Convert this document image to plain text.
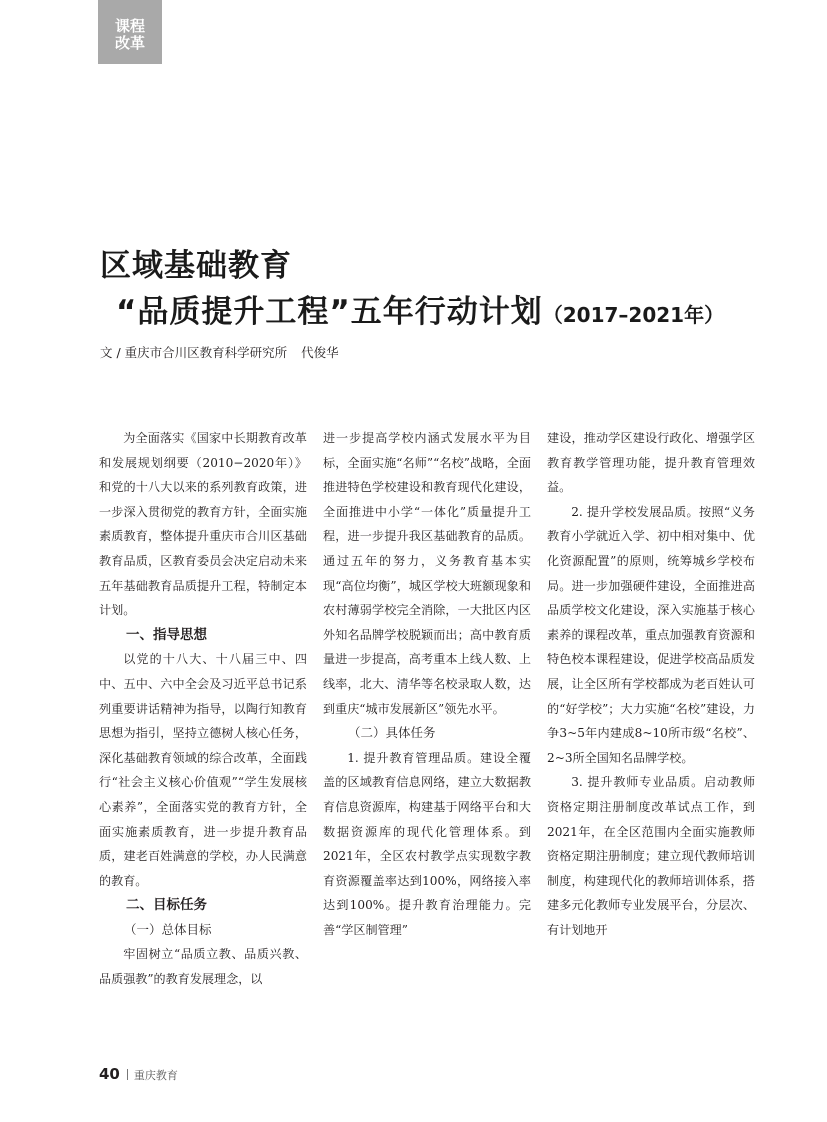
课程
改革
区域基础教育
“品质提升工程”五年行动计划（2017–2021年）
文 / 重庆市合川区教育科学研究所 代俊华

为全面落实《国家中长期教育改革和发展规划纲要（2010−2020年）》和党的十八大以来的系列教育政策，进一步深入贯彻党的教育方针，全面实施素质教育，整体提升重庆市合川区基础教育品质，区教育委员会决定启动未来五年基础教育品质提升工程，特制定本计划。

一、指导思想

以党的十八大、十八届三中、四中、五中、六中全会及习近平总书记系列重要讲话精神为指导，以陶行知教育思想为指引，坚持立德树人核心任务，深化基础教育领域的综合改革，全面践行“社会主义核心价值观”“学生发展核心素养”，全面落实党的教育方针，全面实施素质教育，进一步提升教育品质，建老百姓满意的学校，办人民满意的教育。

二、目标任务
（一）总体目标

牢固树立“品质立教、品质兴教、品质强教”的教育发展理念，以

进一步提高学校内涵式发展水平为目标，全面实施“名师”“名校”战略，全面推进特色学校建设和教育现代化建设，全面推进中小学“一体化”质量提升工程，进一步提升我区基础教育的品质。通过五年的努力，义务教育基本实现“高位均衡”，城区学校大班额现象和农村薄弱学校完全消除，一大批区内区外知名品牌学校脱颖而出；高中教育质量进一步提高，高考重本上线人数、上线率，北大、清华等名校录取人数，达到重庆“城市发展新区”领先水平。

（二）具体任务

1. 提升教育管理品质。建设全覆盖的区域教育信息网络，建立大数据教育信息资源库，构建基于网络平台和大数据资源库的现代化管理体系。到2021年，全区农村教学点实现数字教育资源覆盖率达到100%，网络接入率达到100%。提升教育治理能力。完善“学区制管理”

建设，推动学区建设行政化、增强学区教育教学管理功能，提升教育管理效益。

2. 提升学校发展品质。按照“义务教育小学就近入学、初中相对集中、优化资源配置”的原则，统筹城乡学校布局。进一步加强硬件建设，全面推进高品质学校文化建设，深入实施基于核心素养的课程改革，重点加强教育资源和特色校本课程建设，促进学校高品质发展，让全区所有学校都成为老百姓认可的“好学校”；大力实施“名校”建设，力争3~5年内建成8~10所市级“名校”、2~3所全国知名品牌学校。

3. 提升教师专业品质。启动教师资格定期注册制度改革试点工作，到2021年，在全区范围内全面实施教师资格定期注册制度；建立现代教师培训制度，构建现代化的教师培训体系，搭建多元化教师专业发展平台，分层次、有计划地开

40 重庆教育
